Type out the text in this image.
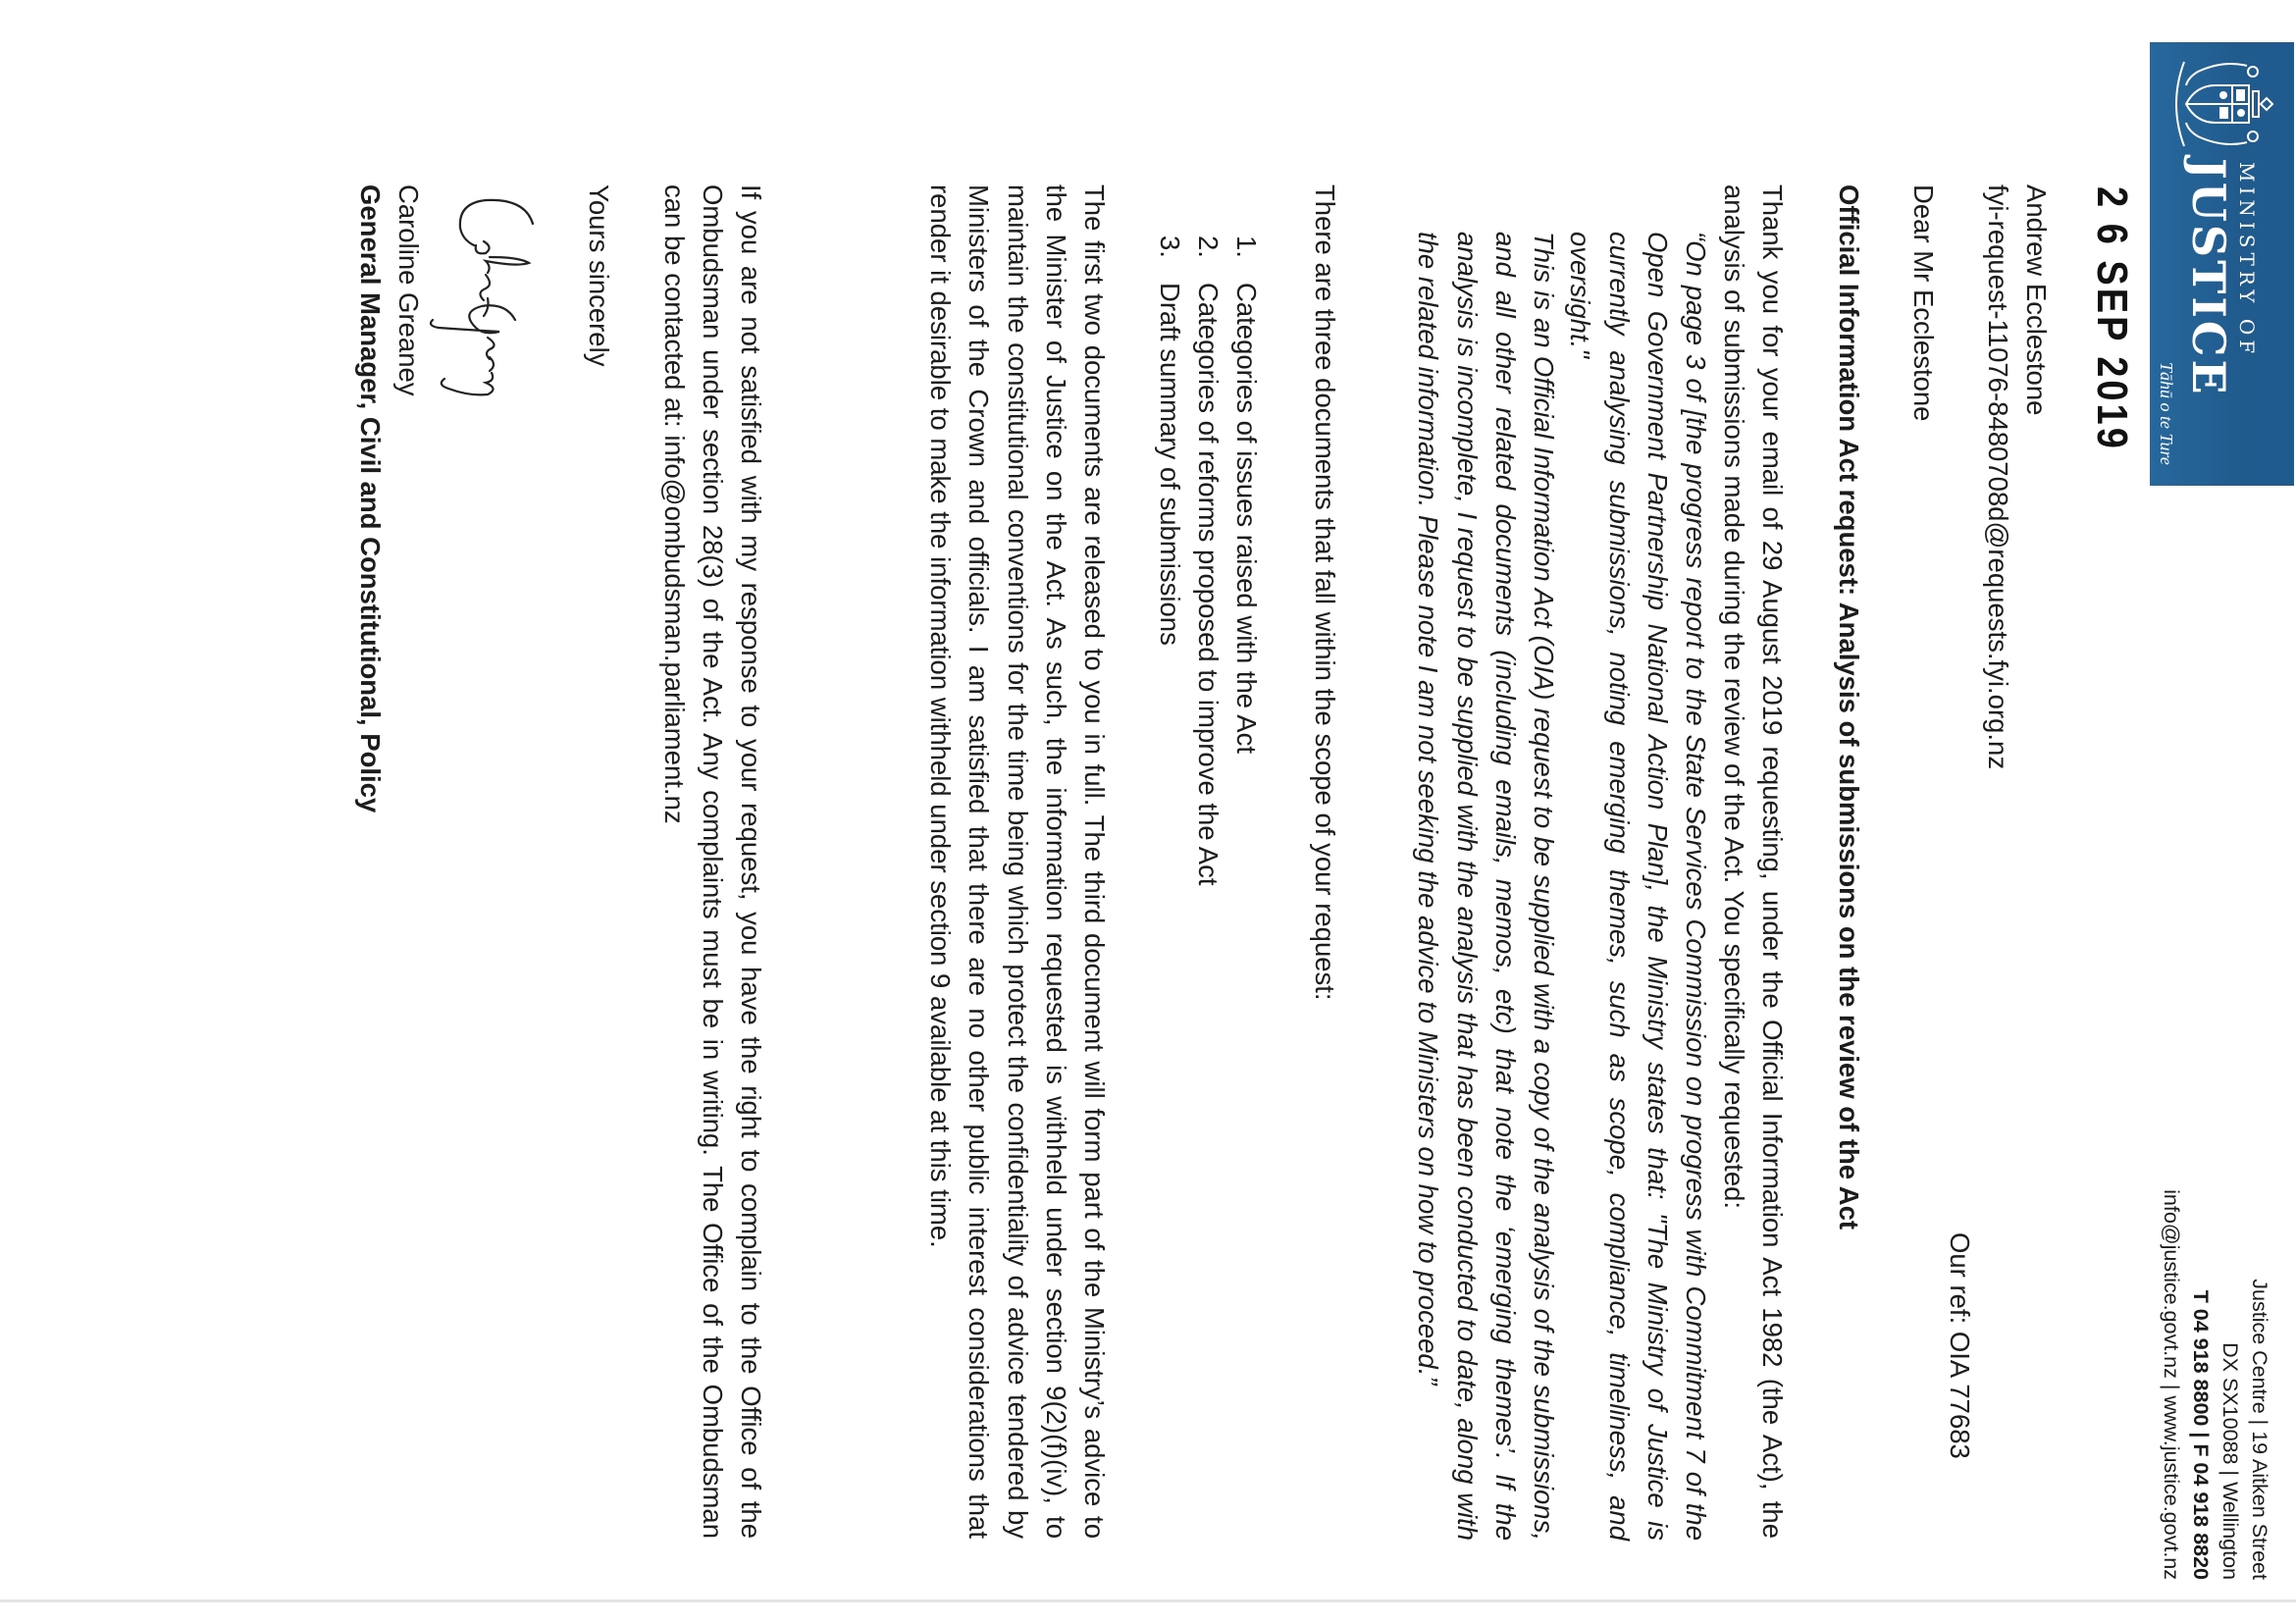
MINISTRY OF
JUSTICE
Tāhū o te Ture
Justice Centre | 19 Aitken Street
DX SX10088 | Wellington
T 04 918 8800 | F 04 918 8820
info@justice.govt.nz | www.justice.govt.nz
2 6 SEP 2019
Andrew Ecclestone
fyi-request-11076-8480708d@requests.fyi.org.nz
Our ref: OIA 77683
Dear Mr Ecclestone
Official Information Act request: Analysis of submissions on the review of the Act
Thank you for your email of 29 August 2019 requesting, under the Official Information Act 1982 (the Act), the analysis of submissions made during the review of the Act. You specifically requested:
“On page 3 of [the progress report to the State Services Commission on progress with Commitment 7 of the Open Government Partnership National Action Plan], the Ministry states that: "The Ministry of Justice is currently analysing submissions, noting emerging themes, such as scope, compliance, timeliness, and oversight."
This is an Official Information Act (OIA) request to be supplied with a copy of the analysis of the submissions, and all other related documents (including emails, memos, etc) that note the ‘emerging themes’. If the analysis is incomplete, I request to be supplied with the analysis that has been conducted to date, along with the related information. Please note I am not seeking the advice to Ministers on how to proceed.”
There are three documents that fall within the scope of your request:
1.
Categories of issues raised with the Act
2.
Categories of reforms proposed to improve the Act
3.
Draft summary of submissions
The first two documents are released to you in full. The third document will form part of the Ministry’s advice to the Minister of Justice on the Act. As such, the information requested is withheld under section 9(2)(f)(iv), to maintain the constitutional conventions for the time being which protect the confidentiality of advice tendered by Ministers of the Crown and officials. I am satisfied that there are no other public interest considerations that render it desirable to make the information withheld under section 9 available at this time.
If you are not satisfied with my response to your request, you have the right to complain to the Office of the Ombudsman under section 28(3) of the Act. Any complaints must be in writing. The Office of the Ombudsman can be contacted at: info@ombudsman.parliament.nz
Yours sincerely
Caroline Greaney
General Manager, Civil and Constitutional, Policy
